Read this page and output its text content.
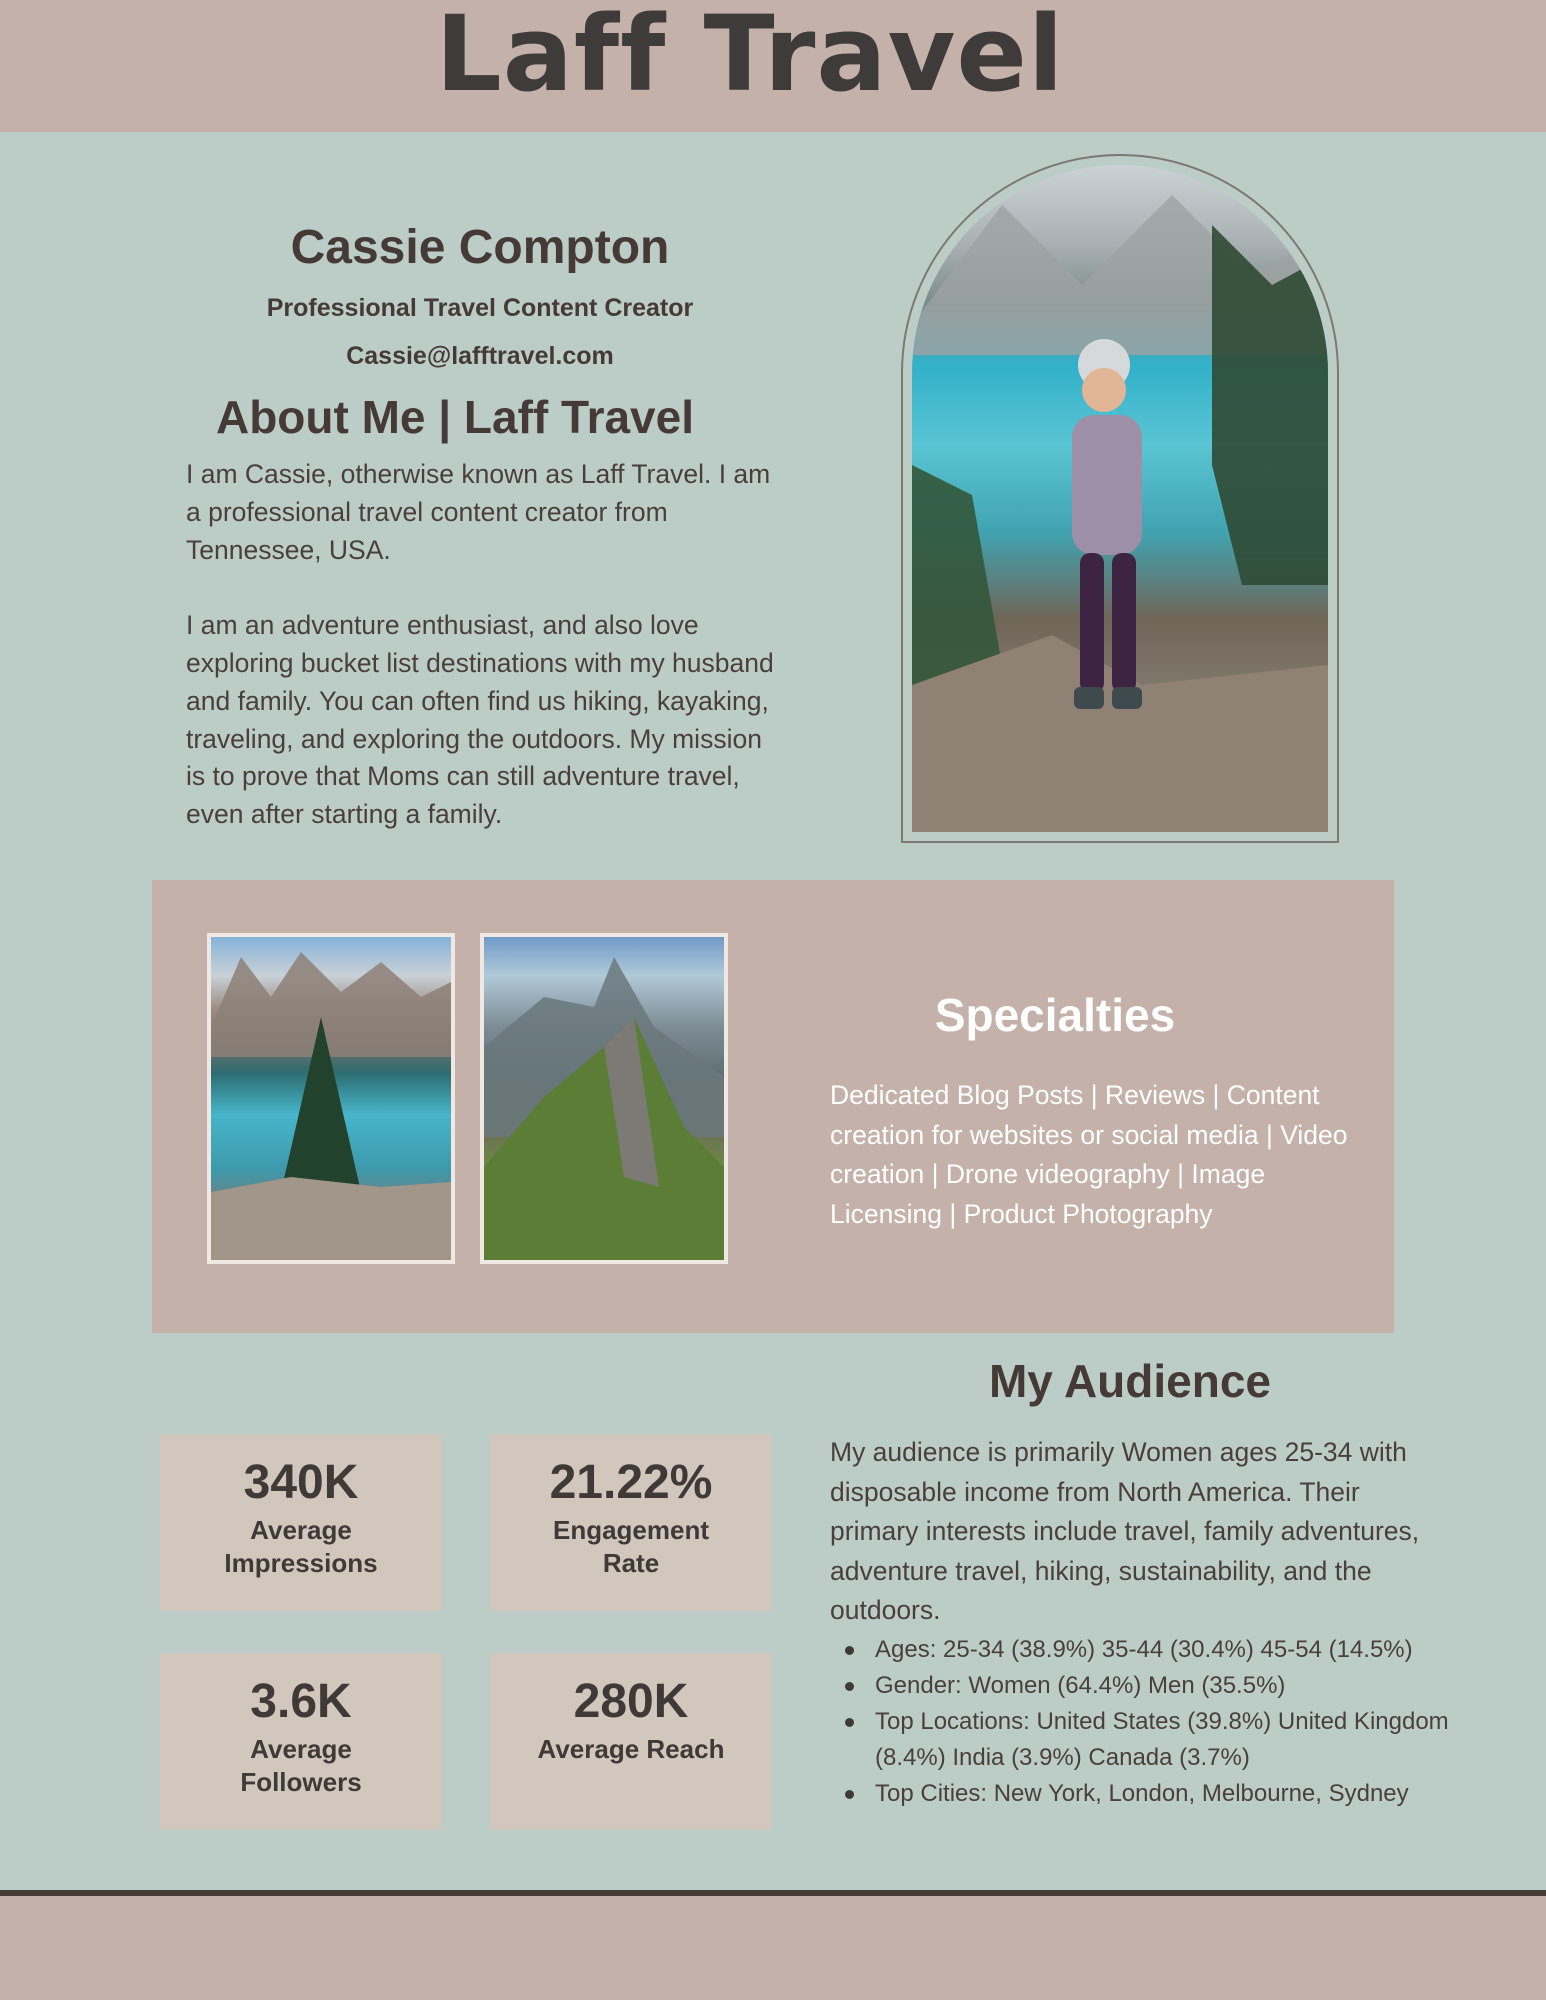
Laff Travel
Cassie Compton
Professional Travel Content Creator
Cassie@lafftravel.com
About Me | Laff Travel

I am Cassie, otherwise known as Laff Travel. I am a professional travel content creator from Tennessee, USA.

I am an adventure enthusiast, and also love exploring bucket list destinations with my husband and family. You can often find us hiking, kayaking, traveling, and exploring the outdoors. My mission is to prove that Moms can still adventure travel, even after starting a family.

Specialties
Dedicated Blog Posts | Reviews | Content creation for websites or social media | Video creation | Drone videography | Image Licensing | Product Photography
340K
Average Impressions
21.22%
Engagement Rate
3.6K
Average Followers
280K
Average Reach
My Audience
My audience is primarily Women ages 25-34 with disposable income from North America. Their primary interests include travel, family adventures, adventure travel, hiking, sustainability, and the outdoors.
Ages: 25-34 (38.9%) 35-44 (30.4%) 45-54 (14.5%)
Gender: Women (64.4%) Men (35.5%)
Top Locations: United States (39.8%) United Kingdom (8.4%) India (3.9%) Canada (3.7%)
Top Cities: New York, London, Melbourne, Sydney
